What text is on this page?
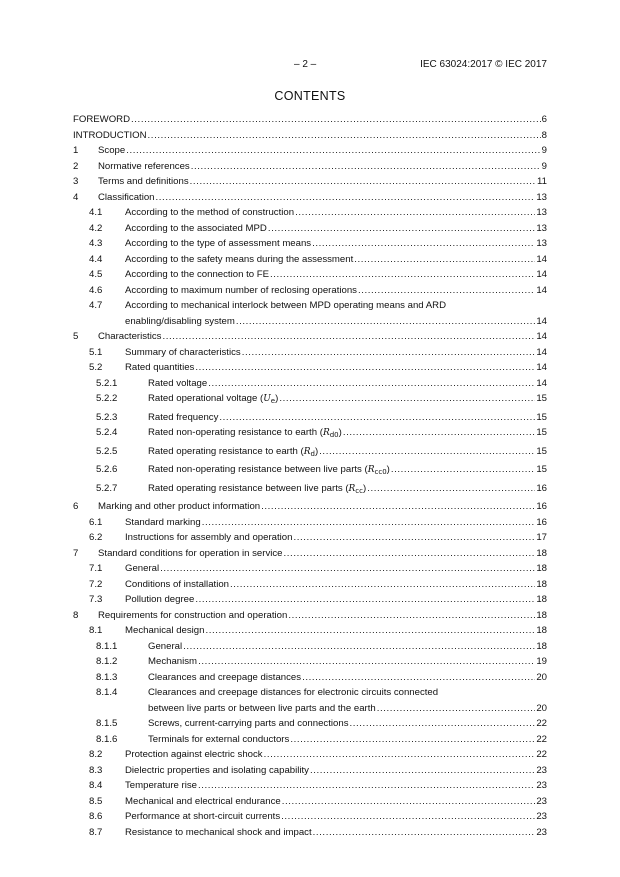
– 2 –	IEC 63024:2017 © IEC 2017
CONTENTS
FOREWORD .....	6
INTRODUCTION .....	8
1 Scope .....	9
2 Normative references .....	9
3 Terms and definitions .....	11
4 Classification .....	13
4.1 According to the method of construction .....	13
4.2 According to the associated MPD .....	13
4.3 According to the type of assessment means .....	13
4.4 According to the safety means during the assessment .....	14
4.5 According to the connection to FE .....	14
4.6 According to maximum number of reclosing operations .....	14
4.7 According to mechanical interlock between MPD operating means and ARD
enabling/disabling system .....	14
5 Characteristics .....	14
5.1 Summary of characteristics .....	14
5.2 Rated quantities .....	14
5.2.1	Rated voltage .....	14
5.2.2	Rated operational voltage $(U_e)$ .....	15
5.2.3	Rated frequency .....	15
5.2.4	Rated non-operating resistance to earth $(R_{d0})$ .....	15
5.2.5	Rated operating resistance to earth $(R_d)$ .....	15
5.2.6	Rated non-operating resistance between live parts $(R_{cc0})$ .....	15
5.2.7	Rated operating resistance between live parts $(R_{cc})$ .....	16
6 Marking and other product information .....	16
6.1 Standard marking .....	16
6.2 Instructions for assembly and operation .....	17
7 Standard conditions for operation in service .....	18
7.1 General .....	18
7.2 Conditions of installation .....	18
7.3 Pollution degree .....	18
8 Requirements for construction and operation .....	18
8.1 Mechanical design .....	18
8.1.1	General .....	18
8.1.2	Mechanism .....	19
8.1.3	Clearances and creepage distances .....	20
8.1.4	Clearances and creepage distances for electronic circuits connected
between live parts or between live parts and the earth .....	20
8.1.5	Screws, current-carrying parts and connections .....	22
8.1.6	Terminals for external conductors .....	22
8.2 Protection against electric shock .....	22
8.3 Dielectric properties and isolating capability .....	23
8.4 Temperature rise .....	23
8.5 Mechanical and electrical endurance .....	23
8.6 Performance at short-circuit currents .....	23
8.7 Resistance to mechanical shock and impact .....	23
